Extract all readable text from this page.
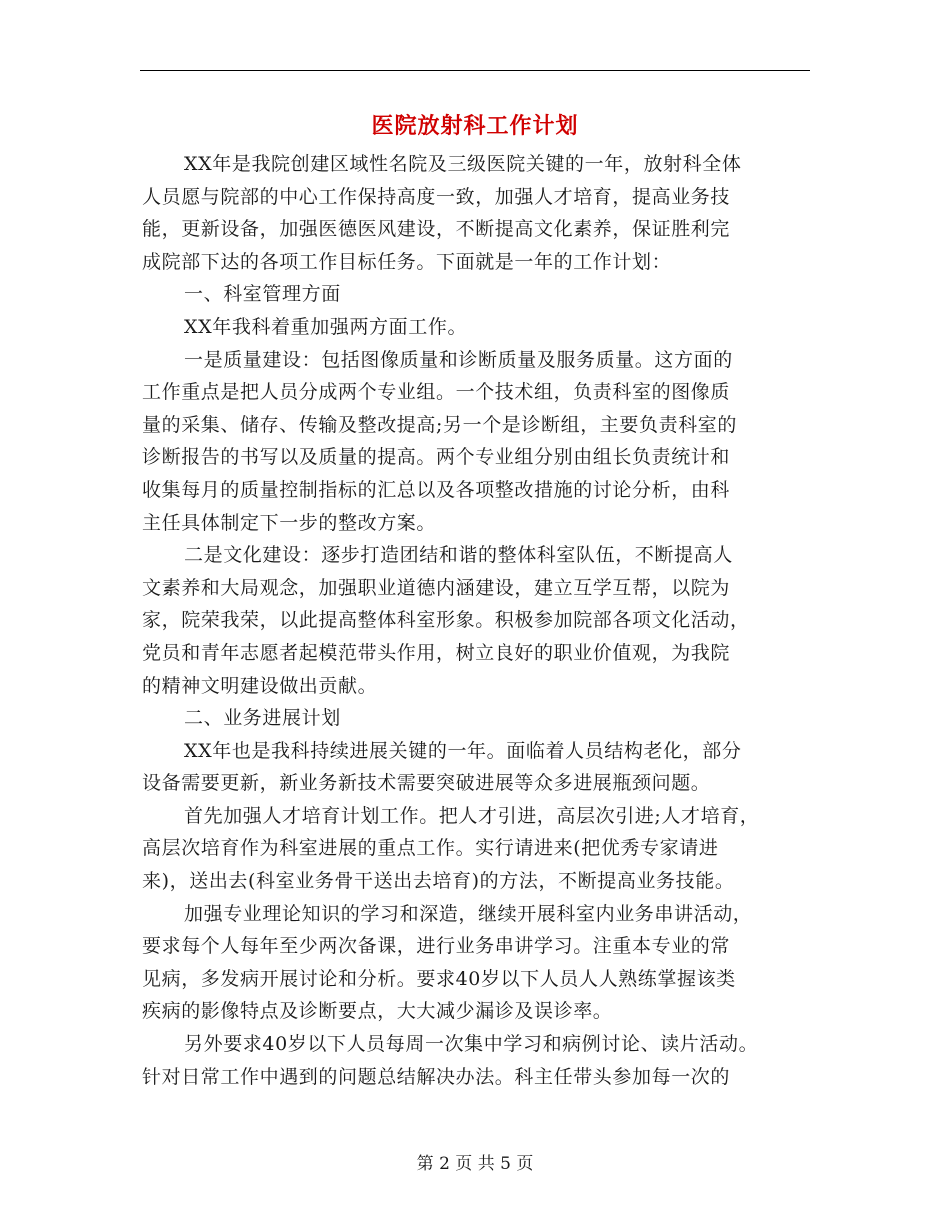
医院放射科工作计划
XX年是我院创建区域性名院及三级医院关键的一年，放射科全体
人员愿与院部的中心工作保持高度一致，加强人才培育，提高业务技
能，更新设备，加强医德医风建设，不断提高文化素养，保证胜利完
成院部下达的各项工作目标任务。下面就是一年的工作计划：
一、科室管理方面
XX年我科着重加强两方面工作。
一是质量建设：包括图像质量和诊断质量及服务质量。这方面的
工作重点是把人员分成两个专业组。一个技术组，负责科室的图像质
量的采集、储存、传输及整改提高;另一个是诊断组，主要负责科室的
诊断报告的书写以及质量的提高。两个专业组分别由组长负责统计和
收集每月的质量控制指标的汇总以及各项整改措施的讨论分析，由科
主任具体制定下一步的整改方案。
二是文化建设：逐步打造团结和谐的整体科室队伍，不断提高人
文素养和大局观念，加强职业道德内涵建设，建立互学互帮，以院为
家，院荣我荣，以此提高整体科室形象。积极参加院部各项文化活动，
党员和青年志愿者起模范带头作用，树立良好的职业价值观，为我院
的精神文明建设做出贡献。
二、业务进展计划
XX年也是我科持续进展关键的一年。面临着人员结构老化，部分
设备需要更新，新业务新技术需要突破进展等众多进展瓶颈问题。
首先加强人才培育计划工作。把人才引进，高层次引进;人才培育，
高层次培育作为科室进展的重点工作。实行请进来(把优秀专家请进
来)，送出去(科室业务骨干送出去培育)的方法，不断提高业务技能。
加强专业理论知识的学习和深造，继续开展科室内业务串讲活动，
要求每个人每年至少两次备课，进行业务串讲学习。注重本专业的常
见病，多发病开展讨论和分析。要求40岁以下人员人人熟练掌握该类
疾病的影像特点及诊断要点，大大减少漏诊及误诊率。
另外要求40岁以下人员每周一次集中学习和病例讨论、读片活动。
针对日常工作中遇到的问题总结解决办法。科主任带头参加每一次的
第 2 页 共 5 页
